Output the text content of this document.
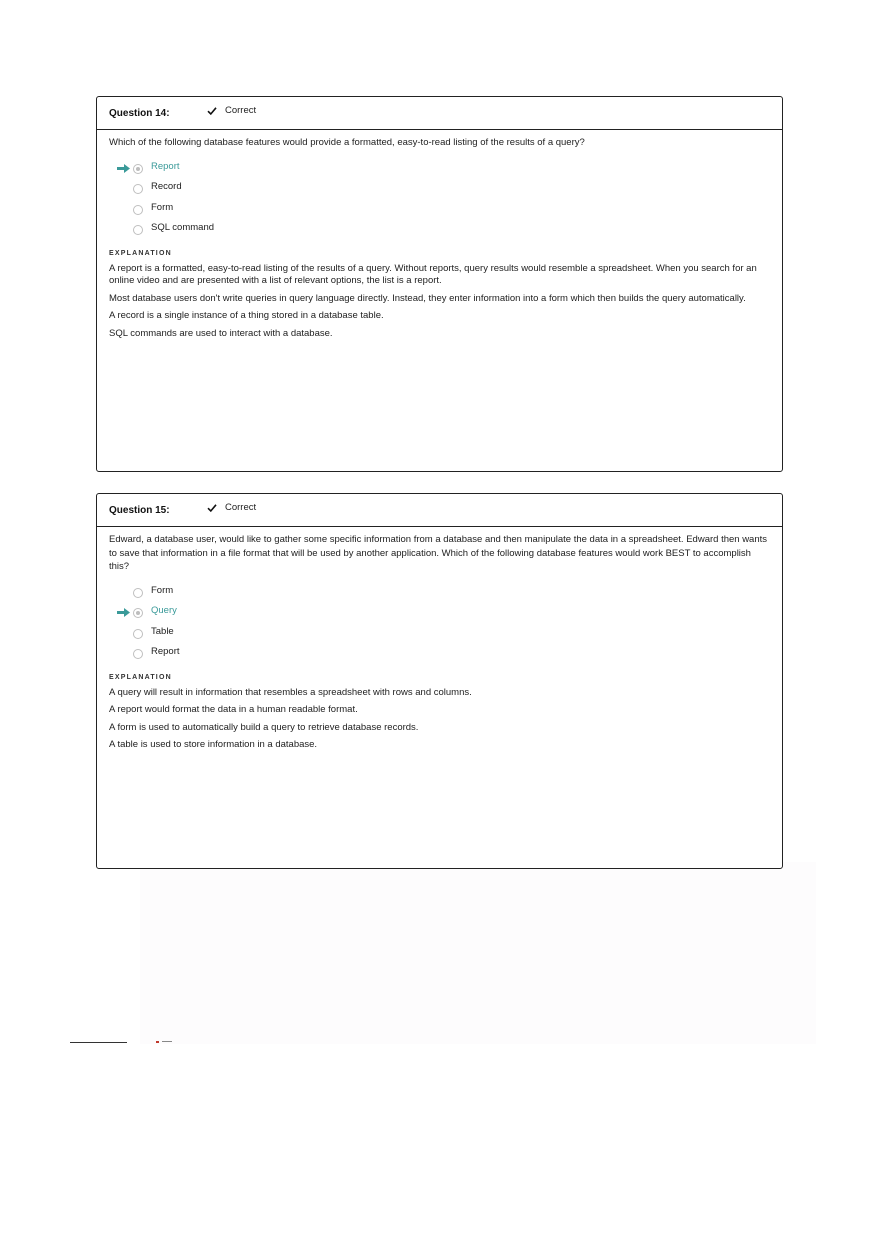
Question 14:	Correct

Which of the following database features would provide a formatted, easy-to-read listing of the results of a query?

Report
Record
Form
SQL command
EXPLANATION

A report is a formatted, easy-to-read listing of the results of a query. Without reports, query results would resemble a spreadsheet. When you search for an online video and are presented with a list of relevant options, the list is a report.

Most database users don't write queries in query language directly. Instead, they enter information into a form which then builds the query automatically.

A record is a single instance of a thing stored in a database table.

SQL commands are used to interact with a database.

Question 15:	Correct

Edward, a database user, would like to gather some specific information from a database and then manipulate the data in a spreadsheet. Edward then wants to save that information in a file format that will be used by another application. Which of the following database features would work BEST to accomplish this?

Form
Query
Table
Report
EXPLANATION

A query will result in information that resembles a spreadsheet with rows and columns.

A report would format the data in a human readable format.

A form is used to automatically build a query to retrieve database records.

A table is used to store information in a database.
